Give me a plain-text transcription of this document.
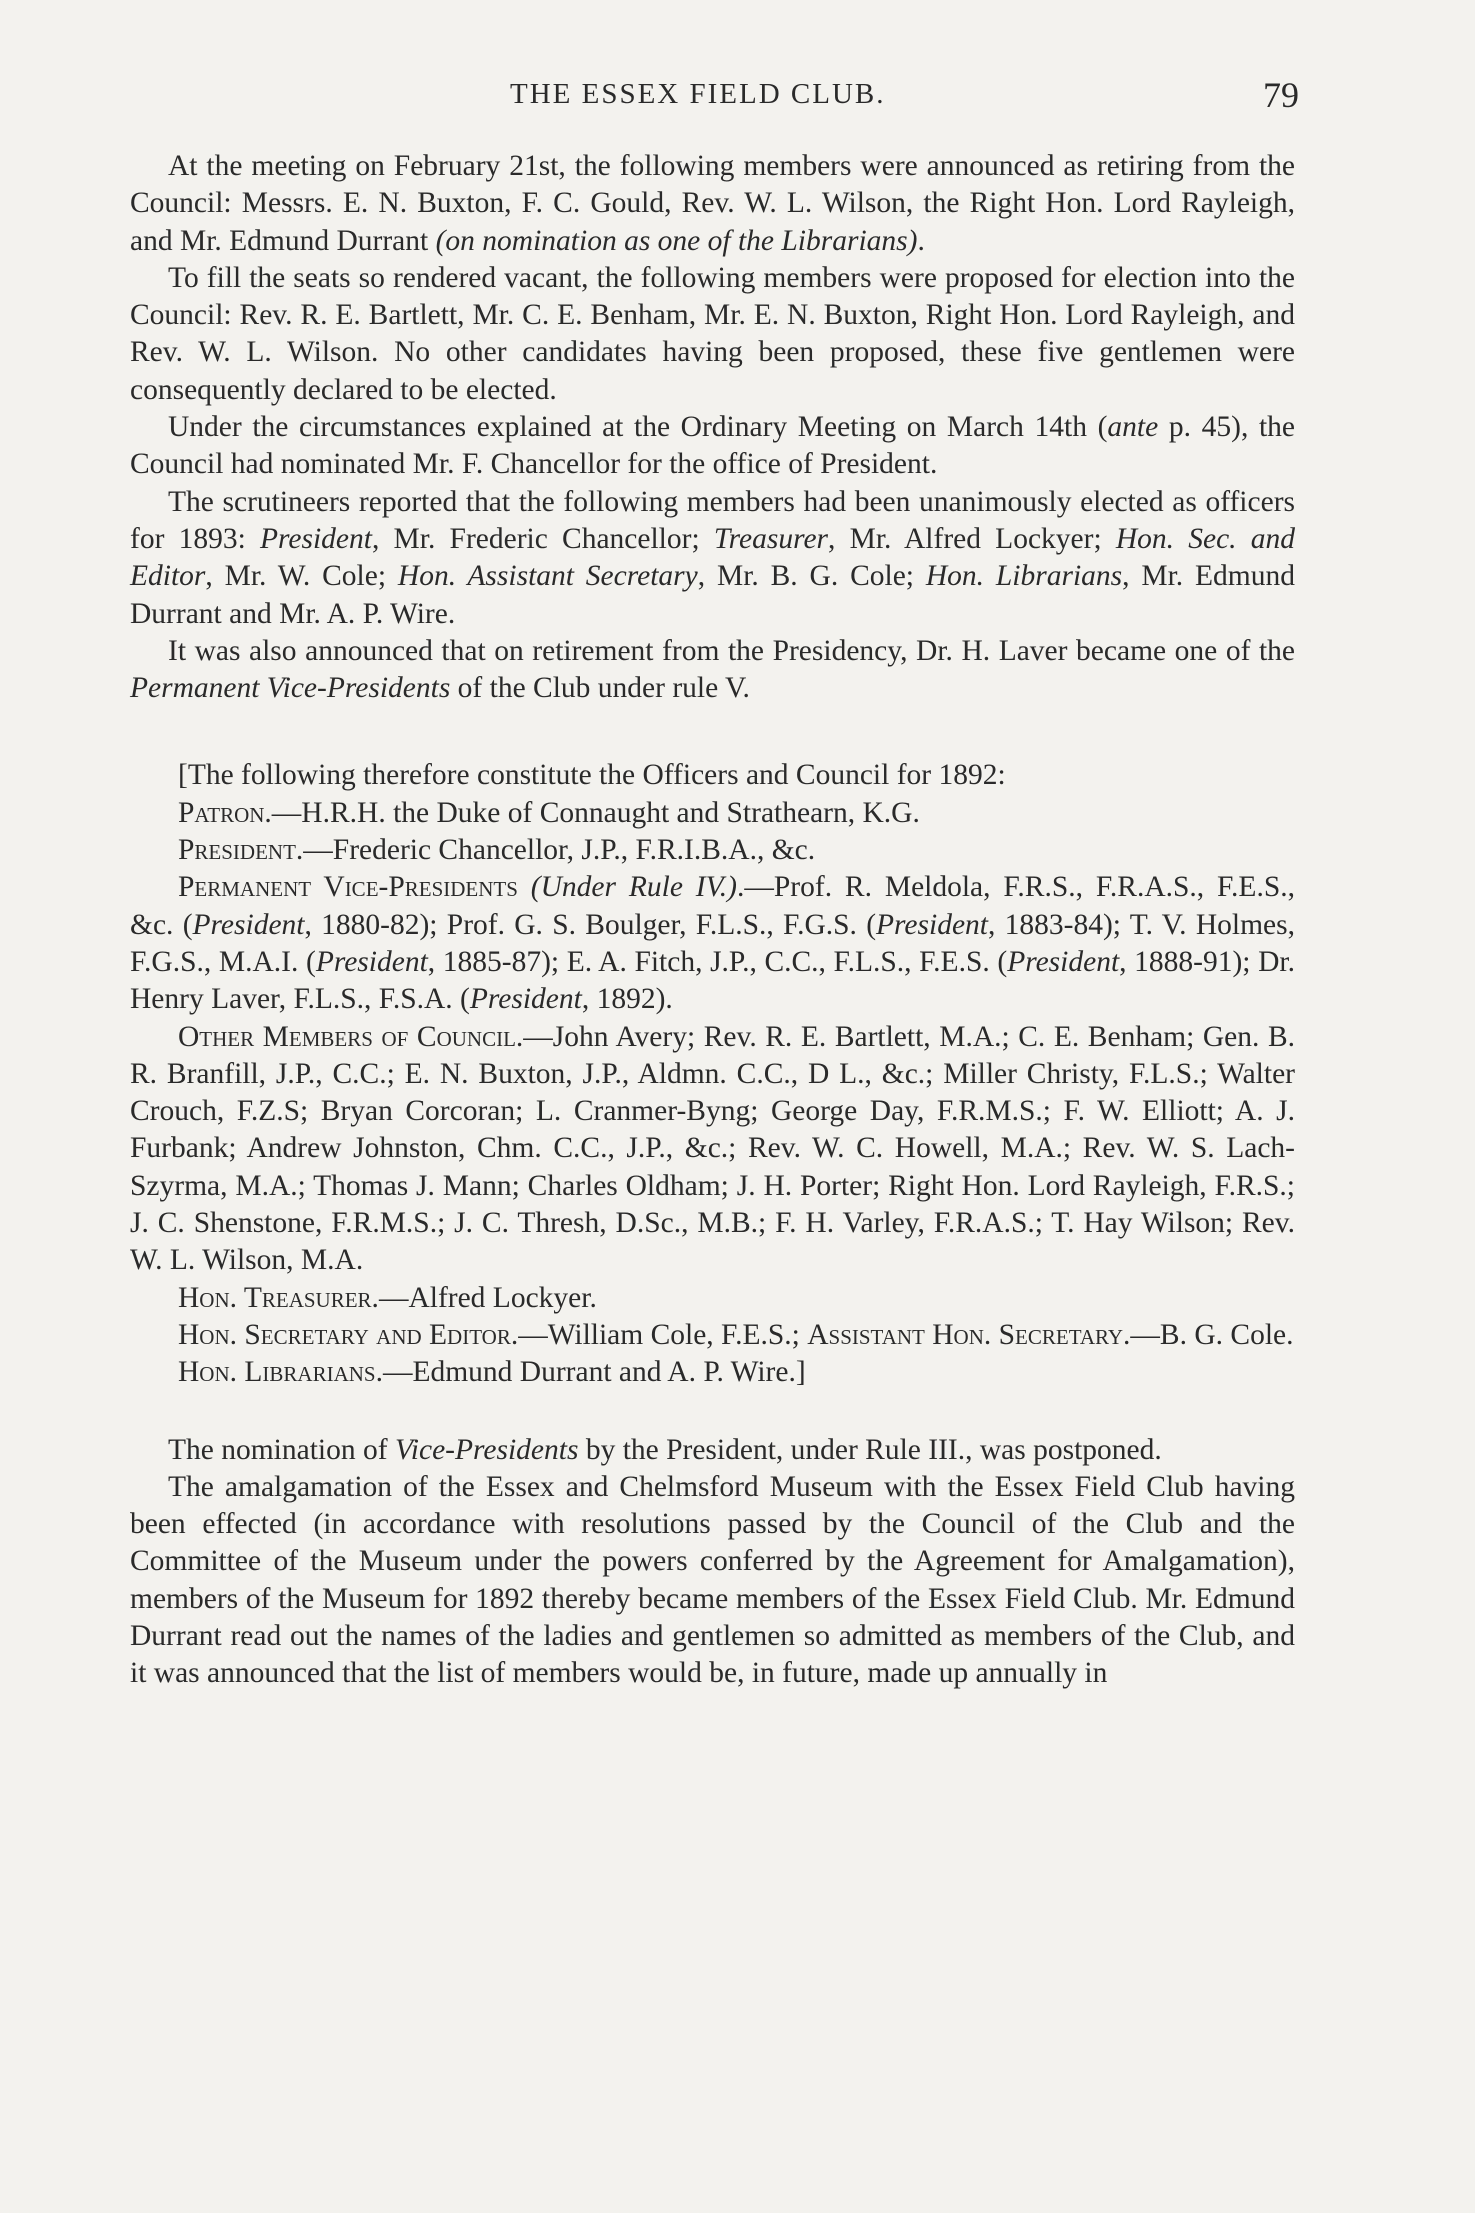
THE ESSEX FIELD CLUB.	79

At the meeting on February 21st, the following members were announced as retiring from the Council: Messrs. E. N. Buxton, F. C. Gould, Rev. W. L. Wilson, the Right Hon. Lord Rayleigh, and Mr. Edmund Durrant (on nomination as one of the Librarians).

To fill the seats so rendered vacant, the following members were proposed for election into the Council: Rev. R. E. Bartlett, Mr. C. E. Benham, Mr. E. N. Buxton, Right Hon. Lord Rayleigh, and Rev. W. L. Wilson. No other candidates having been proposed, these five gentlemen were consequently declared to be elected.

Under the circumstances explained at the Ordinary Meeting on March 14th (ante p. 45), the Council had nominated Mr. F. Chancellor for the office of President.

The scrutineers reported that the following members had been unanimously elected as officers for 1893: President, Mr. Frederic Chancellor; Treasurer, Mr. Alfred Lockyer; Hon. Sec. and Editor, Mr. W. Cole; Hon. Assistant Secretary, Mr. B. G. Cole; Hon. Librarians, Mr. Edmund Durrant and Mr. A. P. Wire.

It was also announced that on retirement from the Presidency, Dr. H. Laver became one of the Permanent Vice-Presidents of the Club under rule V.

[The following therefore constitute the Officers and Council for 1892:

Patron.—H.R.H. the Duke of Connaught and Strathearn, K.G.

President.—Frederic Chancellor, J.P., F.R.I.B.A., &c.

Permanent Vice-Presidents (Under Rule IV.).—Prof. R. Meldola, F.R.S., F.R.A.S., F.E.S., &c. (President, 1880-82); Prof. G. S. Boulger, F.L.S., F.G.S. (President, 1883-84); T. V. Holmes, F.G.S., M.A.I. (President, 1885-87); E. A. Fitch, J.P., C.C., F.L.S., F.E.S. (President, 1888-91); Dr. Henry Laver, F.L.S., F.S.A. (President, 1892).

Other Members of Council.—John Avery; Rev. R. E. Bartlett, M.A.; C. E. Benham; Gen. B. R. Branfill, J.P., C.C.; E. N. Buxton, J.P., Aldmn. C.C., D L., &c.; Miller Christy, F.L.S.; Walter Crouch, F.Z.S; Bryan Corcoran; L. Cranmer-Byng; George Day, F.R.M.S.; F. W. Elliott; A. J. Furbank; Andrew Johnston, Chm. C.C., J.P., &c.; Rev. W. C. Howell, M.A.; Rev. W. S. Lach-Szyrma, M.A.; Thomas J. Mann; Charles Oldham; J. H. Porter; Right Hon. Lord Rayleigh, F.R.S.; J. C. Shenstone, F.R.M.S.; J. C. Thresh, D.Sc., M.B.; F. H. Varley, F.R.A.S.; T. Hay Wilson; Rev. W. L. Wilson, M.A.

Hon. Treasurer.—Alfred Lockyer.

Hon. Secretary and Editor.—William Cole, F.E.S.; Assistant Hon. Secretary.—B. G. Cole.

Hon. Librarians.—Edmund Durrant and A. P. Wire.]

The nomination of Vice-Presidents by the President, under Rule III., was postponed.

The amalgamation of the Essex and Chelmsford Museum with the Essex Field Club having been effected (in accordance with resolutions passed by the Council of the Club and the Committee of the Museum under the powers conferred by the Agreement for Amalgamation), members of the Museum for 1892 thereby became members of the Essex Field Club. Mr. Edmund Durrant read out the names of the ladies and gentlemen so admitted as members of the Club, and it was announced that the list of members would be, in future, made up annually in
